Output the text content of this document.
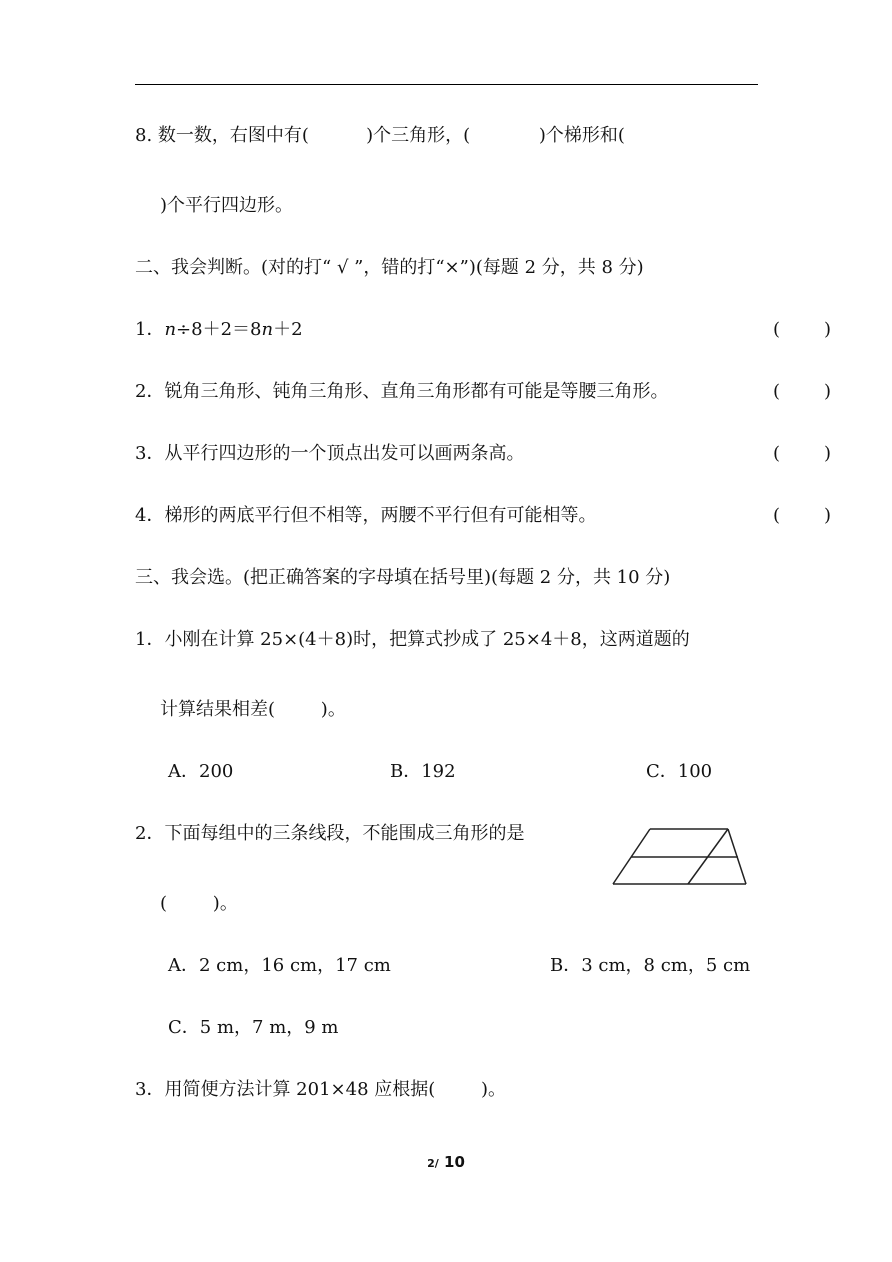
8. 数一数，右图中有(          )个三角形，(            )个梯形和(
)个平行四边形。
二、我会判断。(对的打“ √ ”，错的打“×”)(每题 2 分，共 8 分)
1．n÷8＋2＝8n＋2	( )
2．锐角三角形、钝角三角形、直角三角形都有可能是等腰三角形。	( )
3．从平行四边形的一个顶点出发可以画两条高。	( )
4．梯形的两底平行但不相等，两腰不平行但有可能相等。	( )
三、我会选。(把正确答案的字母填在括号里)(每题 2 分，共 10 分)
1．小刚在计算 25×(4＋8)时，把算式抄成了 25×4＋8，这两道题的
计算结果相差(        )。
A．200	B．192	C．100
2．下面每组中的三条线段，不能围成三角形的是
(        )。
A．2 cm，16 cm，17 cm	B．3 cm，8 cm，5 cm
C．5 m，7 m，9 m
3．用简便方法计算 201×48 应根据(        )。
2/ 10
